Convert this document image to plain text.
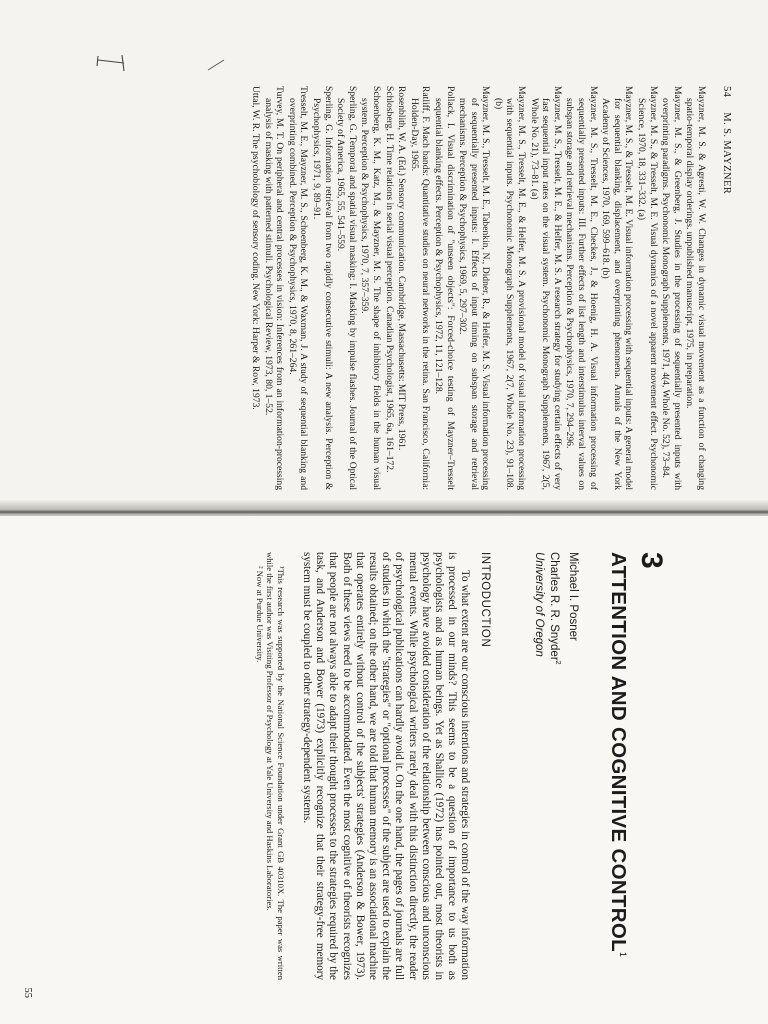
54 M. S. MAYZNER
Mayzner, M. S. & Agresti, W. W. Changes in dynamic visual movement as a function of changing spatio-temporal display orderings. unpublished manuscript, 1975, in preparation.
Mayzner, M. S., & Greenberg, J. Studies in the processing of sequentially presented inputs with overprinting paradigms. Psychonomic Monograph Supplements, 1971, 4(4, Whole No. 52), 73–84.
Mayzner, M. S., & Tresselt, M. E. Visual dynamics of a novel apparent movement effect. Psychonomic Science, 1970, 18, 331–332. (a)
Mayzner, M. S., & Tresselt, M. E. Visual information processing with sequential inputs: A general model for sequential blanking, displacement, and overprinting phenomena. Annals of the New York Academy of Sciences, 1970, 169, 599–618. (b)
Mayzner, M. S., Tresselt, M. E., Checkes, J., & Hoenig, H. A. Visual information processing of sequentially presented inputs: III. Further effects of list length and interstimulus interval values on subspan storage and retrieval mechanisms. Perception & Psychophysics, 1970, 7, 294–296.
Mayzner, M. S., Tresselt, M. E., & Helfer, M. S. A research strategy for studying certain effects of very fast sequential input rates on the visual system. Psychonomic Monograph Supplements, 1967, 2(5, Whole No. 21), 73–81. (a)
Mayzner, M. S., Tresselt, M. E., & Helfer, M. S. A provisional model of visual information processing with sequential inputs. Psychonomic Monograph Supplements, 1967, 2(7, Whole No. 23), 91–108. (b)
Mayzner, M. S., Tresselt, M. E., Tabenkin, N., Didner, R., & Helfer, M. S. Visual information processing of sequentially presented inputs: I. Effects of input timing on subspan storage and retrieval mechanisms. Perception & Psychophysics, 1969, 5, 297–302.
Pollack, I. Visual discrimination of "unseen objects": Forced-choice testing of Mayzner–Tresselt sequential blanking effects. Perception & Psychophysics, 1972, 11, 121–128.
Ratliff, F. Mach bands: Quantitative studies on neural networks in the retina. San Francisco, California: Holden-Day, 1965.
Rosenblith, W. A. (Ed.) Sensory communication. Cambridge, Massachusetts: MIT Press, 1961.
Schlosberg, H. Time relations in serial visual perception. Canadian Psychologist, 1965, 6a, 161–172.
Schoenberg, K. M., Katz, M., & Mayzner, M. S. The shape of inhibitory fields in the human visual system. Perception & Psychophysics, 1970, 7, 357–359.
Sperling, G. Temporal and spatial visual masking: I. Masking by impulse flashes. Journal of the Optical Society of America, 1965, 55, 541–559.
Sperling, G. Information retrieval from two rapidly consecutive stimuli: A new analysis. Perception & Psychophysics, 1971, 9, 89–91.
Tresselt, M. E., Mayzner, M. S., Schoenberg, K. M., & Waxman, J. A study of sequential blanking and overprinting combined. Perception & Psychophysics, 1970, 8, 261–264.
Turvey, M. T. On peripheral and central processes in vision: Inferences from an information-processing analysis of masking with patterned stimuli. Psychological Review, 1973, 80, 1–52.
Uttal, W. R. The psychobiology of sensory coding. New York: Harper & Row, 1973.
3
ATTENTION AND COGNITIVE CONTROL$^1$
Michael I. Posner
Charles R. R. Snyder$^2$
University of Oregon
INTRODUCTION

To what extent are our conscious intentions and strategies in control of the way information is processed in our minds? This seems to be a question of importance to us both as psychologists and as human beings. Yet as Shallice (1972) has pointed out, most theorists in psychology have avoided consideration of the relationship between conscious and unconscious mental events. While psychological writers rarely deal with this distinction directly, the reader of psychological publications can hardly avoid it. On the one hand, the pages of journals are full of studies in which the "strategies" or "optional processes" of the subject are used to explain the results obtained; on the other hand, we are told that human memory is an associational machine that operates entirely without control of the subjects' strategies (Anderson & Bower, 1973). Both of these views need to be accommodated. Even the most cognitive of theorists recognizes that people are not always able to adapt their thought processes to the strategies required by the task, and Anderson and Bower (1973) explicitly recognize that their strategy-free memory system must be coupled to other strategy-dependent systems.

¹This research was supported by the National Science Foundation under Grant GB 40310X. The paper was written while the first author was Visiting Professor of Psychology at Yale University and Haskins Laboratories.

² Now at Purdue University.

55
